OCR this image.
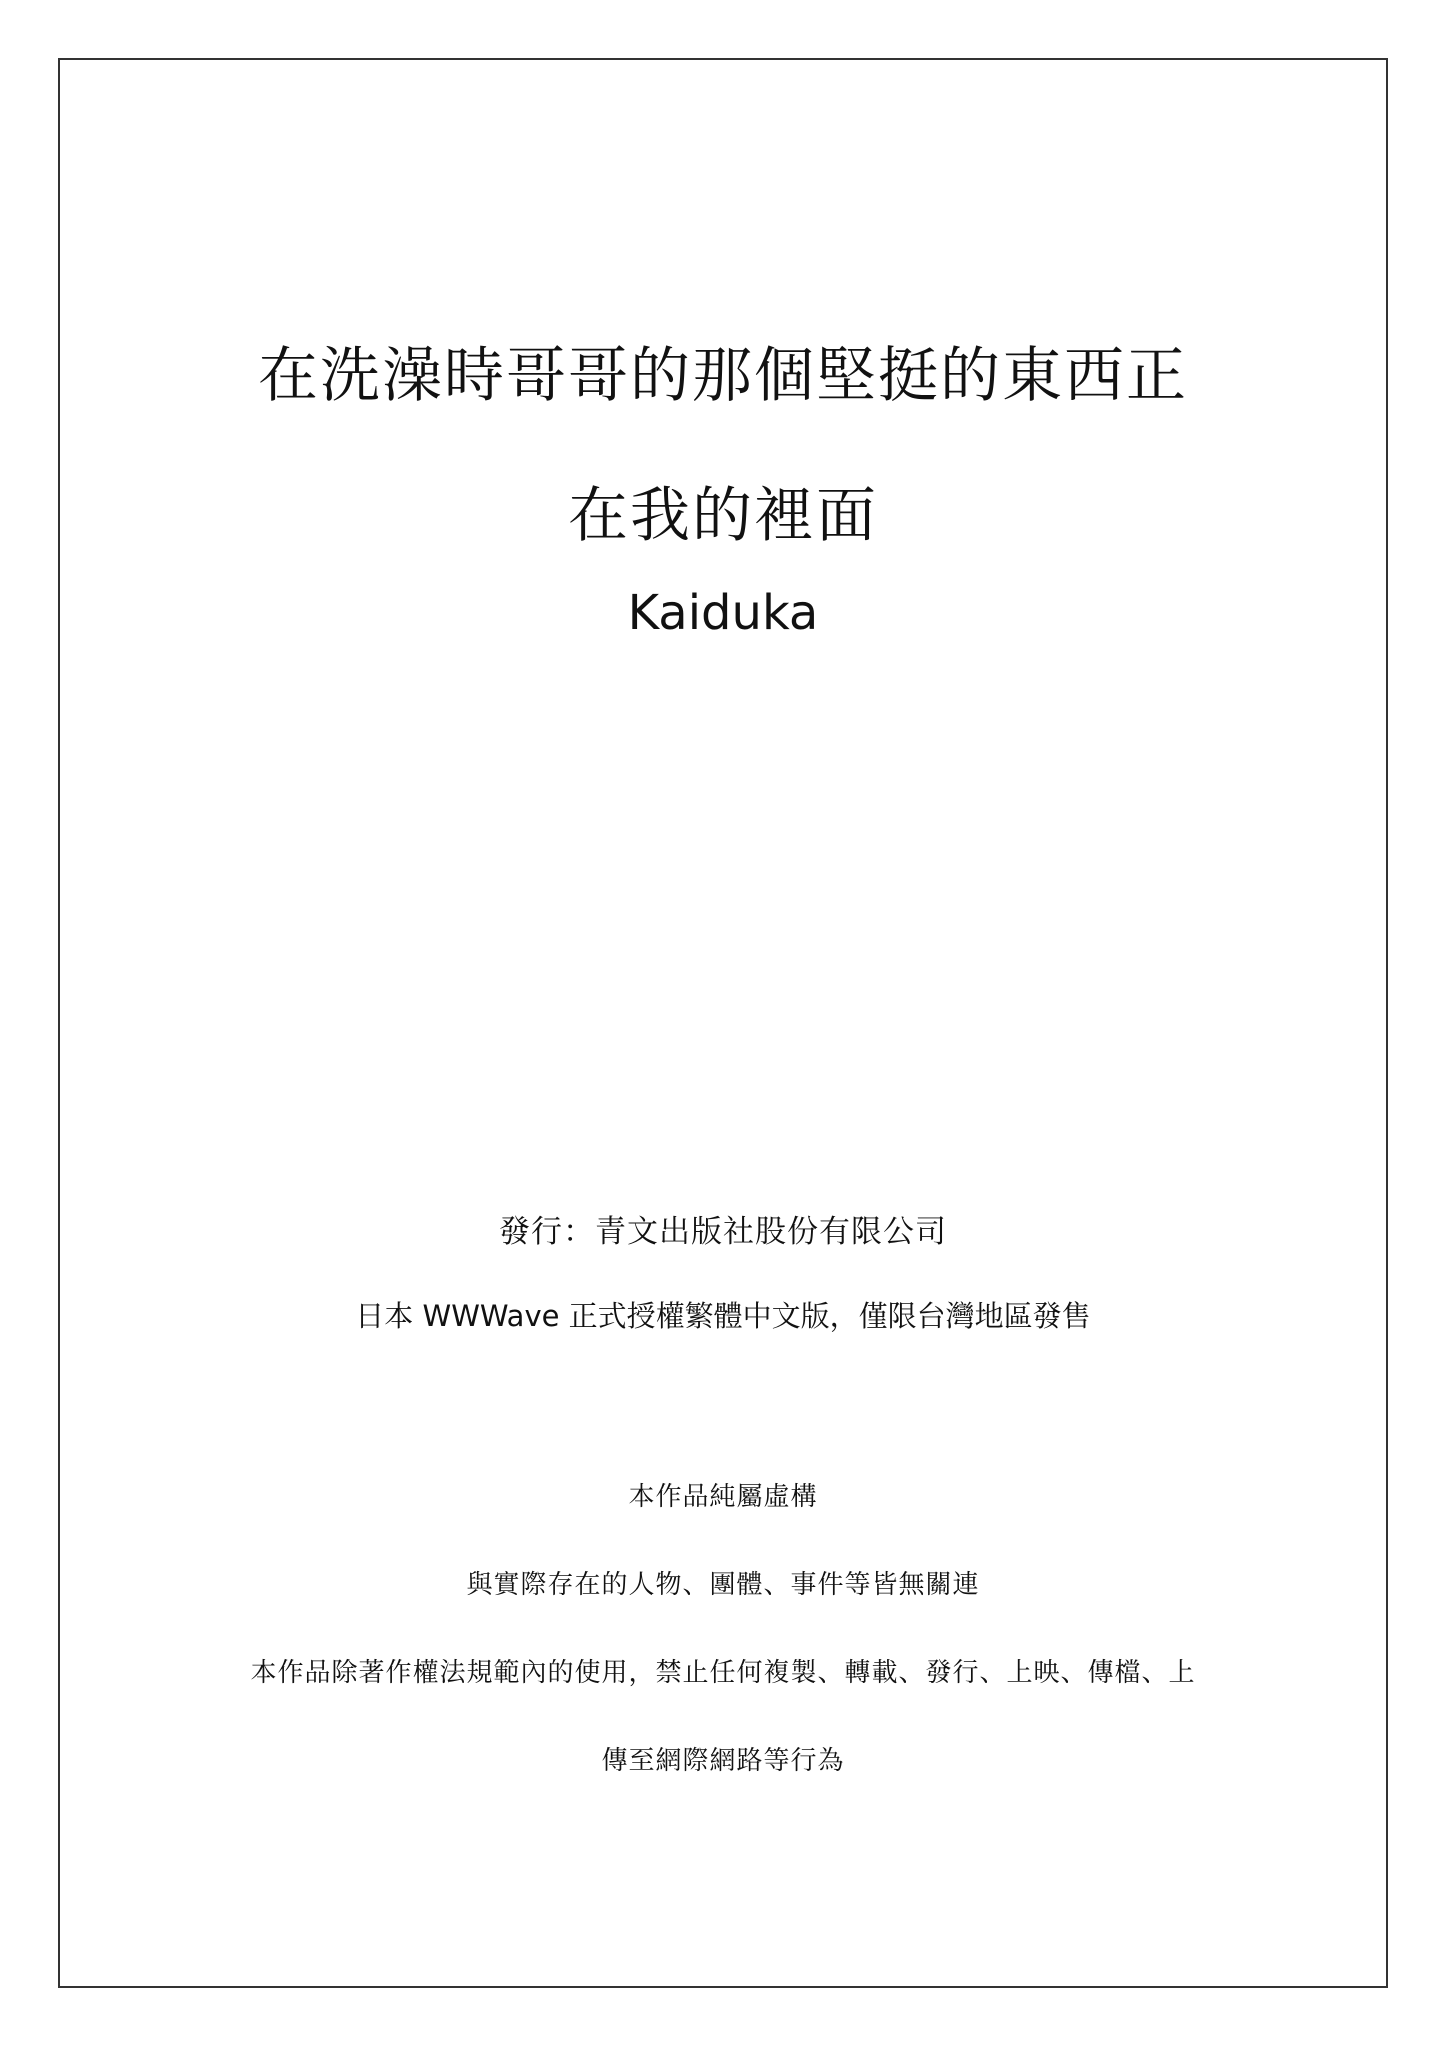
在洗澡時哥哥的那個堅挺的東西正
在我的裡面
Kaiduka
發行：青文出版社股份有限公司
日本 WWWave 正式授權繁體中文版，僅限台灣地區發售
本作品純屬虛構
與實際存在的人物、團體、事件等皆無關連
本作品除著作權法規範內的使用，禁止任何複製、轉載、發行、上映、傳檔、上
傳至網際網路等行為
